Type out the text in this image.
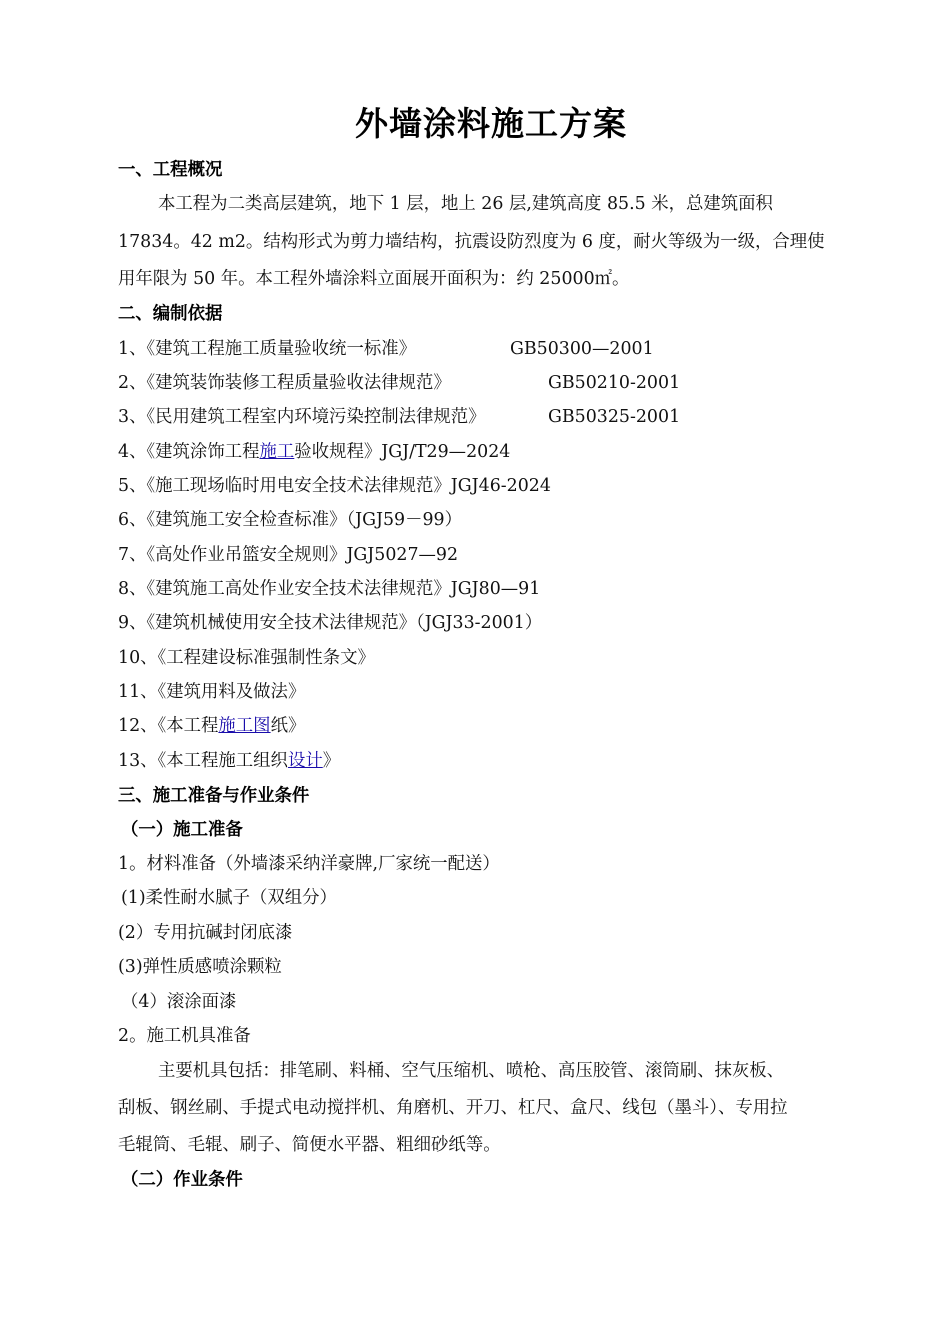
外墙涂料施工方案
一、工程概况
本工程为二类高层建筑，地下 1 层，地上 26 层,建筑高度 85.5 米，总建筑面积
17834。42 m2。结构形式为剪力墙结构，抗震设防烈度为 6 度，耐火等级为一级，合理使
用年限为 50 年。本工程外墙涂料立面展开面积为：约 25000㎡。
二、编制依据
1、《建筑工程施工质量验收统一标准》	GB50300—2001
2、《建筑装饰装修工程质量验收法律规范》	GB50210-2001
3、《民用建筑工程室内环境污染控制法律规范》	GB50325-2001
4、《建筑涂饰工程施工验收规程》JGJ/T29—2024
5、《施工现场临时用电安全技术法律规范》JGJ46-2024
6、《建筑施工安全检查标准》（JGJ59－99）
7、《高处作业吊篮安全规则》JGJ5027—92
8、《建筑施工高处作业安全技术法律规范》JGJ80—91
9、《建筑机械使用安全技术法律规范》（JGJ33-2001）
10、《工程建设标准强制性条文》
11、《建筑用料及做法》
12、《本工程施工图纸》
13、《本工程施工组织设计》
三、施工准备与作业条件
（一）施工准备
1。材料准备（外墙漆采纳洋豪牌,厂家统一配送）
(1)柔性耐水腻子（双组分）
(2）专用抗碱封闭底漆
(3)弹性质感喷涂颗粒
（4）滚涂面漆
2。施工机具准备
主要机具包括：排笔刷、料桶、空气压缩机、喷枪、高压胶管、滚筒刷、抹灰板、
刮板、钢丝刷、手提式电动搅拌机、角磨机、开刀、杠尺、盒尺、线包（墨斗）、专用拉
毛辊筒、毛辊、刷子、简便水平器、粗细砂纸等。
（二）作业条件
